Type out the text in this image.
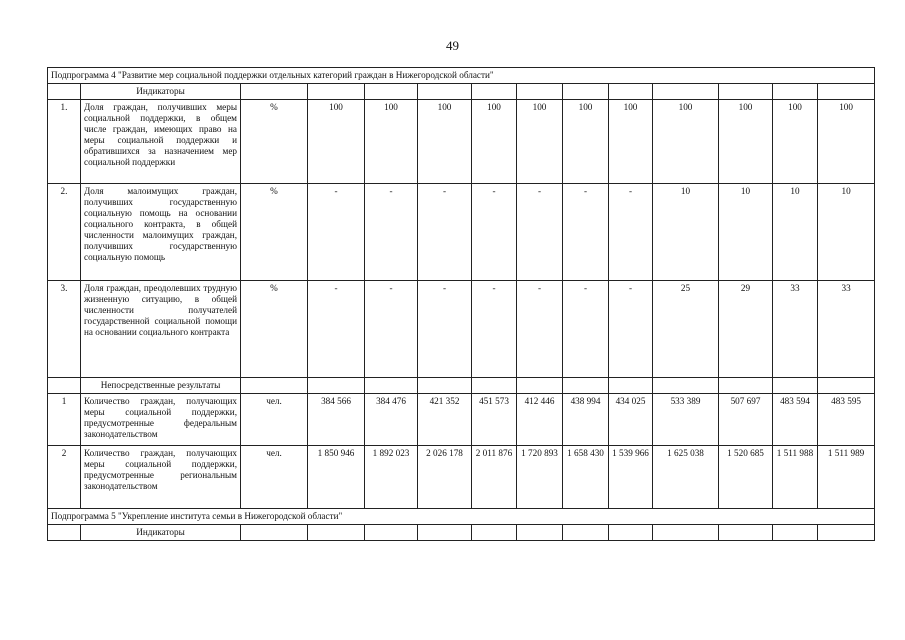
49
Подпрограмма 4 "Развитие мер социальной поддержки отдельных категорий граждан в Нижегородской области"													
	Индикаторы												
1.	Доля граждан, получивших меры социальной поддержки, в общем числе граждан, имеющих право на меры социальной поддержки и обратившихся за назначением мер социальной поддержки	%	100	100	100	100	100	100	100	100	100	100	100
2.	Доля малоимущих граждан, получивших государственную социальную помощь на основании социального контракта, в общей численности малоимущих граждан, получивших государственную социальную помощь	%	-	-	-	-	-	-	-	10	10	10	10
3.	Доля граждан, преодолевших трудную жизненную ситуацию, в общей численности получателей государственной социальной помощи на основании социального контракта	%	-	-	-	-	-	-	-	25	29	33	33
	Непосредственные результаты												
1	Количество граждан, получающих меры социальной поддержки, предусмотренные федеральным законодательством	чел.	384 566	384 476	421 352	451 573	412 446	438 994	434 025	533 389	507 697	483 594	483 595
2	Количество граждан, получающих меры социальной поддержки, предусмотренные региональным законодательством	чел.	1 850 946	1 892 023	2 026 178	2 011 876	1 720 893	1 658 430	1 539 966	1 625 038	1 520 685	1 511 988	1 511 989
Подпрограмма 5 "Укрепление института семьи в Нижегородской области"													
	Индикаторы												
